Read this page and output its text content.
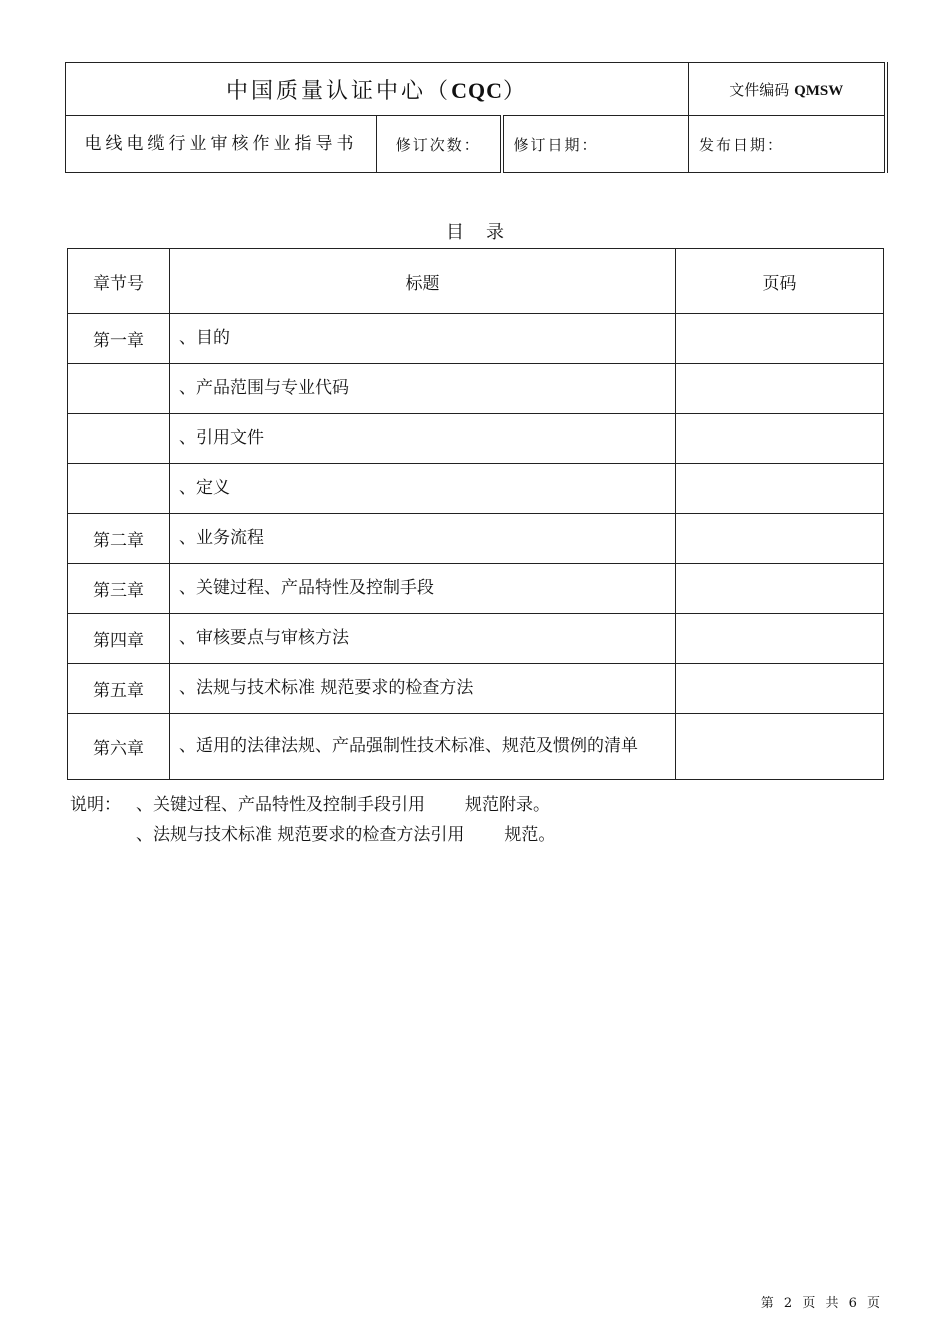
中国质量认证中心（CQC）			文件编码 QMSW
电线电缆行业审核作业指导书	修订次数：	修订日期：	发布日期：
目录
章节号	标题	页码
第一章	、目的	
	、产品范围与专业代码	
	、引用文件	
	、定义	
第二章	、业务流程	
第三章	、关键过程、产品特性及控制手段	
第四章	、审核要点与审核方法	
第五章	、法规与技术标准 规范要求的检查方法	
第六章	、适用的法律法规、产品强制性技术标准、规范及惯例的清单	
说明： 、关键过程、产品特性及控制手段引用 规范附录。
、法规与技术标准 规范要求的检查方法引用 规范。
第 2 页 共 6 页
